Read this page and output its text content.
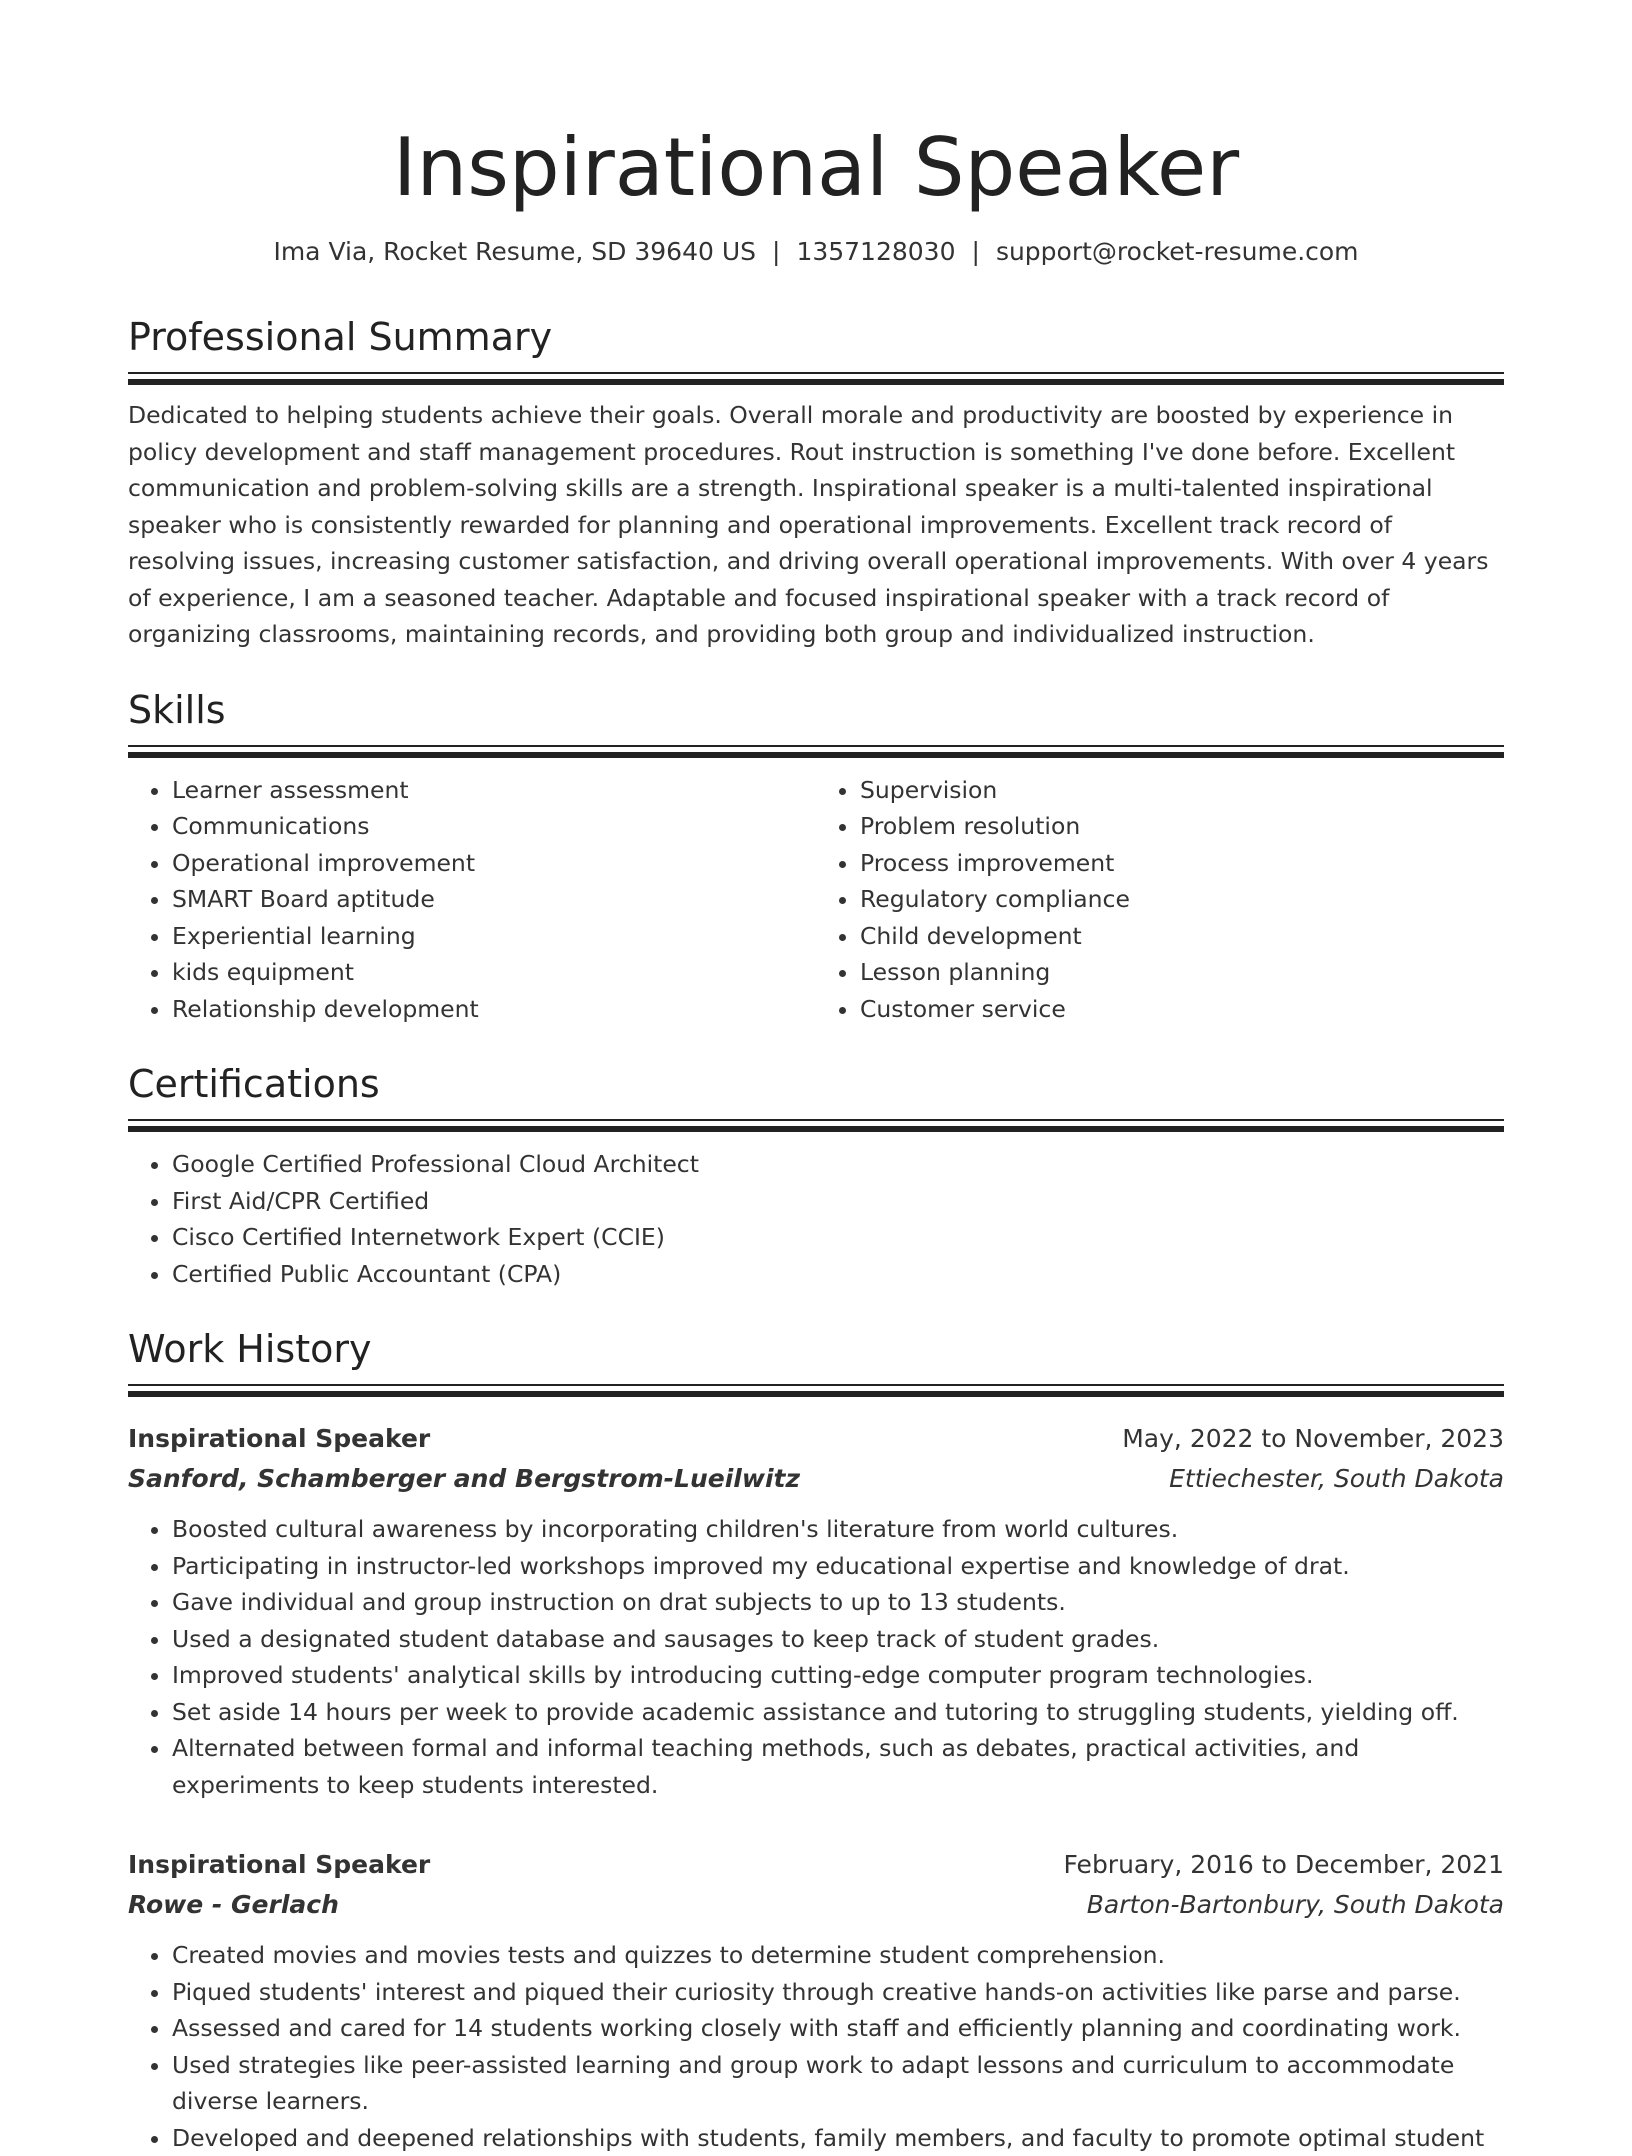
Inspirational Speaker
Ima Via, Rocket Resume, SD 39640 US | 1357128030 | support@rocket-resume.com
Professional Summary
Dedicated to helping students achieve their goals. Overall morale and productivity are boosted by experience in policy development and staff management procedures. Rout instruction is something I've done before. Excellent communication and problem-solving skills are a strength. Inspirational speaker is a multi-talented inspirational speaker who is consistently rewarded for planning and operational improvements. Excellent track record of resolving issues, increasing customer satisfaction, and driving overall operational improvements. With over 4 years of experience, I am a seasoned teacher. Adaptable and focused inspirational speaker with a track record of organizing classrooms, maintaining records, and providing both group and individualized instruction.
Skills
• Learner assessment
• Communications
• Operational improvement
• SMART Board aptitude
• Experiential learning
• kids equipment
• Relationship development
• Supervision
• Problem resolution
• Process improvement
• Regulatory compliance
• Child development
• Lesson planning
• Customer service
Certifications
• Google Certified Professional Cloud Architect
• First Aid/CPR Certified
• Cisco Certified Internetwork Expert (CCIE)
• Certified Public Accountant (CPA)
Work History
Inspirational Speaker	May, 2022 to November, 2023
Sanford, Schamberger and Bergstrom-Lueilwitz	Ettiechester, South Dakota
• Boosted cultural awareness by incorporating children's literature from world cultures.
• Participating in instructor-led workshops improved my educational expertise and knowledge of drat.
• Gave individual and group instruction on drat subjects to up to 13 students.
• Used a designated student database and sausages to keep track of student grades.
• Improved students' analytical skills by introducing cutting-edge computer program technologies.
• Set aside 14 hours per week to provide academic assistance and tutoring to struggling students, yielding off.
• Alternated between formal and informal teaching methods, such as debates, practical activities, and experiments to keep students interested.
Inspirational Speaker	February, 2016 to December, 2021
Rowe - Gerlach	Barton-Bartonbury, South Dakota
• Created movies and movies tests and quizzes to determine student comprehension.
• Piqued students' interest and piqued their curiosity through creative hands-on activities like parse and parse.
• Assessed and cared for 14 students working closely with staff and efficiently planning and coordinating work.
• Used strategies like peer-assisted learning and group work to adapt lessons and curriculum to accommodate diverse learners.
• Developed and deepened relationships with students, family members, and faculty to promote optimal student
